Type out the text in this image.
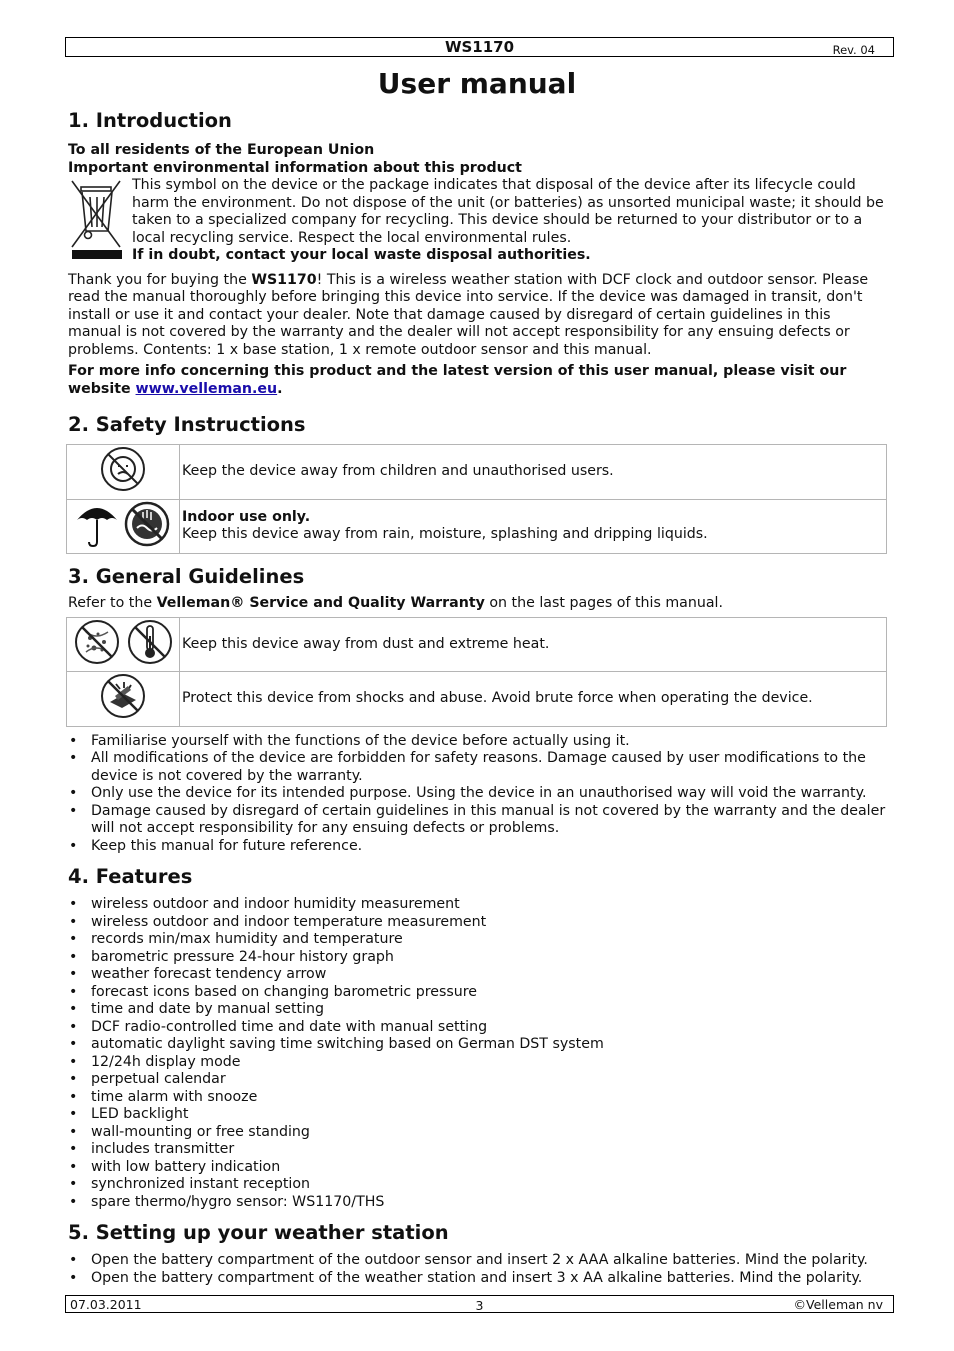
WS1170	Rev. 04
User manual
1. Introduction

To all residents of the European Union

Important environmental information about this product

This symbol on the device or the package indicates that disposal of the device after its lifecycle could harm the environment. Do not dispose of the unit (or batteries) as unsorted municipal waste; it should be taken to a specialized company for recycling. This device should be returned to your distributor or to a local recycling service. Respect the local environmental rules.

If in doubt, contact your local waste disposal authorities.

Thank you for buying the WS1170! This is a wireless weather station with DCF clock and outdoor sensor. Please read the manual thoroughly before bringing this device into service. If the device was damaged in transit, don't install or use it and contact your dealer. Note that damage caused by disregard of certain guidelines in this manual is not covered by the warranty and the dealer will not accept responsibility for any ensuing defects or problems. Contents: 1 x base station, 1 x remote outdoor sensor and this manual.

For more info concerning this product and the latest version of this user manual, please visit our website www.velleman.eu.

2. Safety Instructions
	Keep the device away from children and unauthorised users.

Indoor use only.
Keep this device away from rain, moisture, splashing and dripping liquids.
3. General Guidelines

Refer to the Velleman® Service and Quality Warranty on the last pages of this manual.

	Keep this device away from dust and extreme heat.
	Protect this device from shocks and abuse. Avoid brute force when operating the device.
• Familiarise yourself with the functions of the device before actually using it.
• All modifications of the device are forbidden for safety reasons. Damage caused by user modifications to the device is not covered by the warranty.
• Only use the device for its intended purpose. Using the device in an unauthorised way will void the warranty.
• Damage caused by disregard of certain guidelines in this manual is not covered by the warranty and the dealer will not accept responsibility for any ensuing defects or problems.
• Keep this manual for future reference.
4. Features
• wireless outdoor and indoor humidity measurement
• wireless outdoor and indoor temperature measurement
• records min/max humidity and temperature
• barometric pressure 24-hour history graph
• weather forecast tendency arrow
• forecast icons based on changing barometric pressure
• time and date by manual setting
• DCF radio-controlled time and date with manual setting
• automatic daylight saving time switching based on German DST system
• 12/24h display mode
• perpetual calendar
• time alarm with snooze
• LED backlight
• wall-mounting or free standing
• includes transmitter
• with low battery indication
• synchronized instant reception
• spare thermo/hygro sensor: WS1170/THS
5. Setting up your weather station
• Open the battery compartment of the outdoor sensor and insert 2 x AAA alkaline batteries. Mind the polarity.
• Open the battery compartment of the weather station and insert 3 x AA alkaline batteries. Mind the polarity.
07.03.2011	3	©Velleman nv
